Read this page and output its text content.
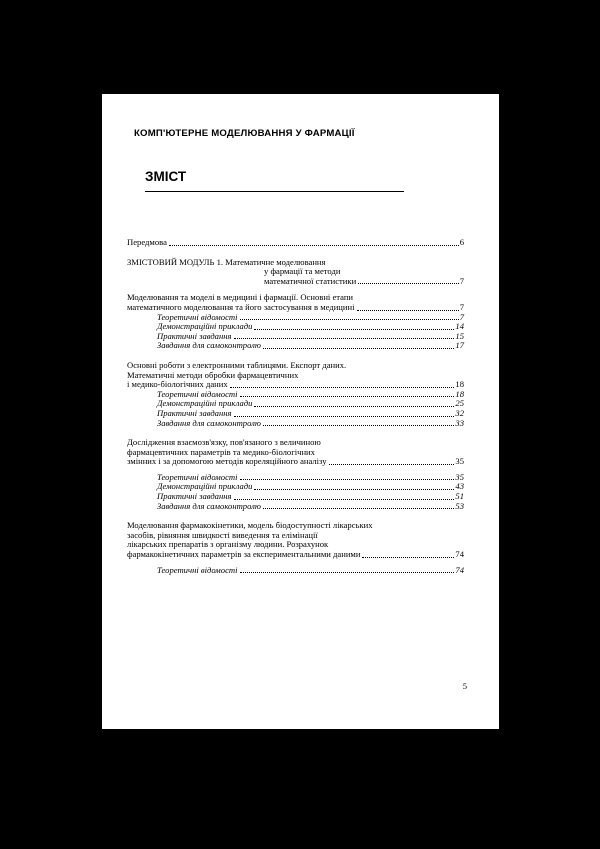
КОМП'ЮТЕРНЕ МОДЕЛЮВАННЯ У ФАРМАЦІЇ
ЗМІСТ
Передмова	6
ЗМІСТОВИЙ МОДУЛЬ 1. Математичне моделювання
у фармації та методи
математичної статистики	7
Моделювання та моделі в медицині і фармації. Основні етапи
математичного моделювання та його застосування в медицині	7
Теоретичні відомості	7
Демонстраційні приклади	14
Практичні завдання	15
Завдання для самоконтролю	17
Основні роботи з електронними таблицями. Експорт даних.
Математичні методи обробки фармацевтичних
і медико-біологічних даних	18
Теоретичні відомості	18
Демонстраційні приклади	25
Практичні завдання	32
Завдання для самоконтролю	33
Дослідження взаємозв'язку, пов'язаного з величиною
фармацевтичних параметрів та медико-біологічних
змінних і за допомогою методів кореляційного аналізу	35
Теоретичні відомості	35
Демонстраційні приклади	43
Практичні завдання	51
Завдання для самоконтролю	53
Моделювання фармакокінетики, модель біодоступності лікарських
засобів, рівняння швидкості виведення та елімінації
лікарських препаратів з організму людини. Розрахунок
фармакокінетичних параметрів за експериментальними даними	74
Теоретичні відомості	74
5
